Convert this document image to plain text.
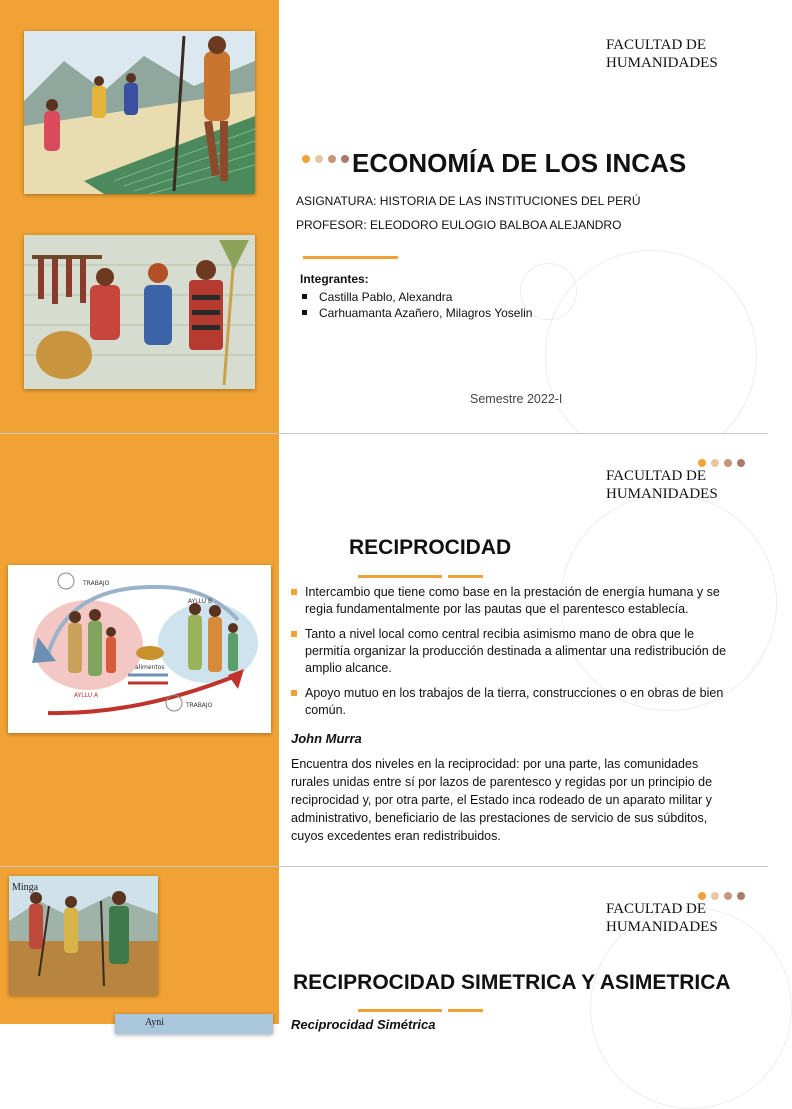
FACULTAD DE
HUMANIDADES
ECONOMÍA DE LOS INCAS
ASIGNATURA: HISTORIA DE LAS INSTITUCIONES DEL PERÚ
PROFESOR: ELEODORO EULOGIO BALBOA ALEJANDRO
Integrantes:
Castilla Pablo, Alexandra
Carhuamanta Azañero, Milagros Yoselin
Semestre 2022-I
TRABAJO
AYLLU B
alimentos
AYLLU A
TRABAJO
FACULTAD DE
HUMANIDADES
RECIPROCIDAD
Intercambio que tiene como base en la prestación de energía humana y se regia fundamentalmente por las pautas que el parentesco establecía.
Tanto a nivel local como central recibia asimismo mano de obra que le permitía organizar la producción destinada a alimentar una redistribución de amplio alcance.
Apoyo mutuo en los trabajos de la tierra, construcciones o en obras de bien común.
John Murra
Encuentra dos niveles en la reciprocidad: por una parte, las comunidades rurales unidas entre sí por lazos de parentesco y regidas por un principio de reciprocidad y, por otra parte, el Estado inca rodeado de un aparato militar y administrativo, beneficiario de las prestaciones de servicio de sus súbditos, cuyos excedentes eran redistribuidos.
Minga
Ayni
FACULTAD DE
HUMANIDADES
RECIPROCIDAD SIMETRICA Y ASIMETRICA
Reciprocidad Simétrica
